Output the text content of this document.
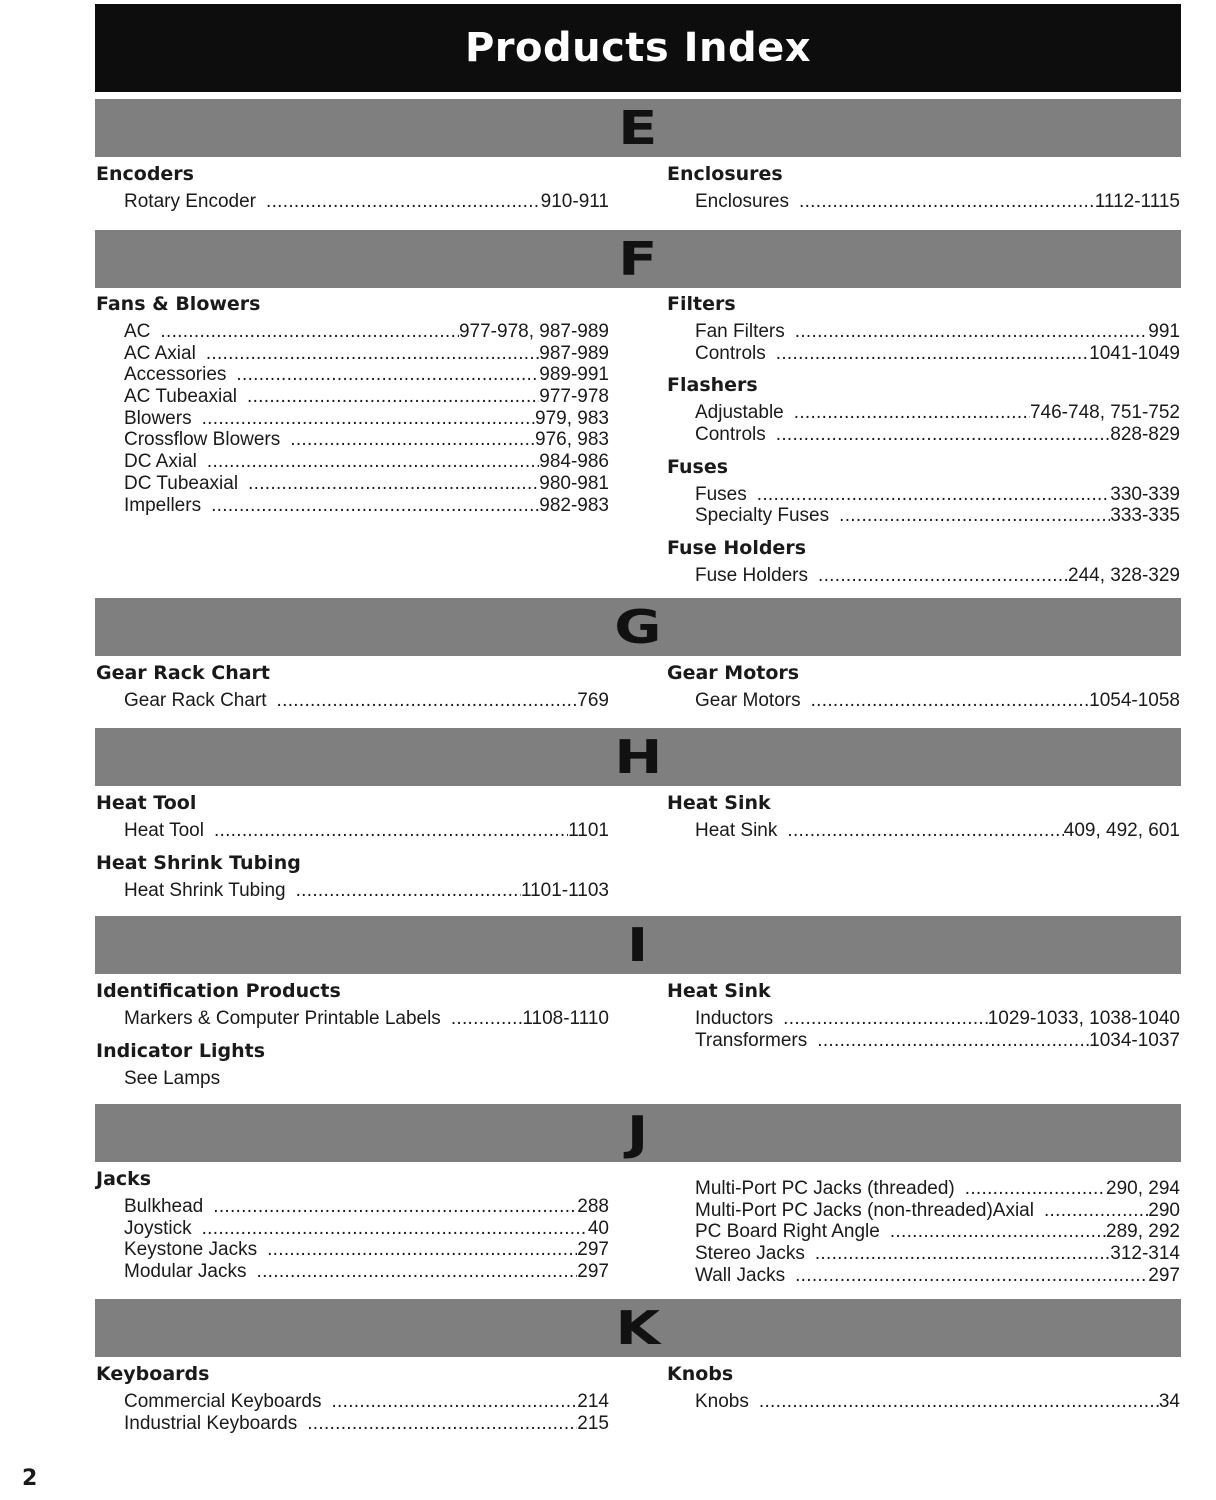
Products Index
E
Encoders
Rotary Encoder .....	910-911
Enclosures
Enclosures .....	1112-1115
F
Fans & Blowers
AC .....	977-978, 987-989
AC Axial .....	987-989
Accessories .....	989-991
AC Tubeaxial .....	977-978
Blowers .....	979, 983
Crossflow Blowers .....	976, 983
DC Axial .....	984-986
DC Tubeaxial .....	980-981
Impellers .....	982-983
Filters
Fan Filters .....	991
Controls .....	1041-1049
Flashers
Adjustable .....	746-748, 751-752
Controls .....	828-829
Fuses
Fuses .....	330-339
Specialty Fuses .....	333-335
Fuse Holders
Fuse Holders .....	244, 328-329
G
Gear Rack Chart
Gear Rack Chart .....	769
Gear Motors
Gear Motors .....	1054-1058
H
Heat Tool
Heat Tool .....	1101
Heat Shrink Tubing
Heat Shrink Tubing .....	1101-1103
Heat Sink
Heat Sink .....	409, 492, 601
I
Identification Products
Markers & Computer Printable Labels .....	1108-1110
Indicator Lights
See Lamps
Heat Sink
Inductors .....	1029-1033, 1038-1040
Transformers .....	1034-1037
J
Jacks
Bulkhead .....	288
Joystick .....	40
Keystone Jacks .....	297
Modular Jacks .....	297
Multi-Port PC Jacks (threaded) .....	290, 294
Multi-Port PC Jacks (non-threaded)Axial .....	290
PC Board Right Angle .....	289, 292
Stereo Jacks .....	312-314
Wall Jacks .....	297
K
Keyboards
Commercial Keyboards .....	214
Industrial Keyboards .....	215
Knobs
Knobs .....	34
2
